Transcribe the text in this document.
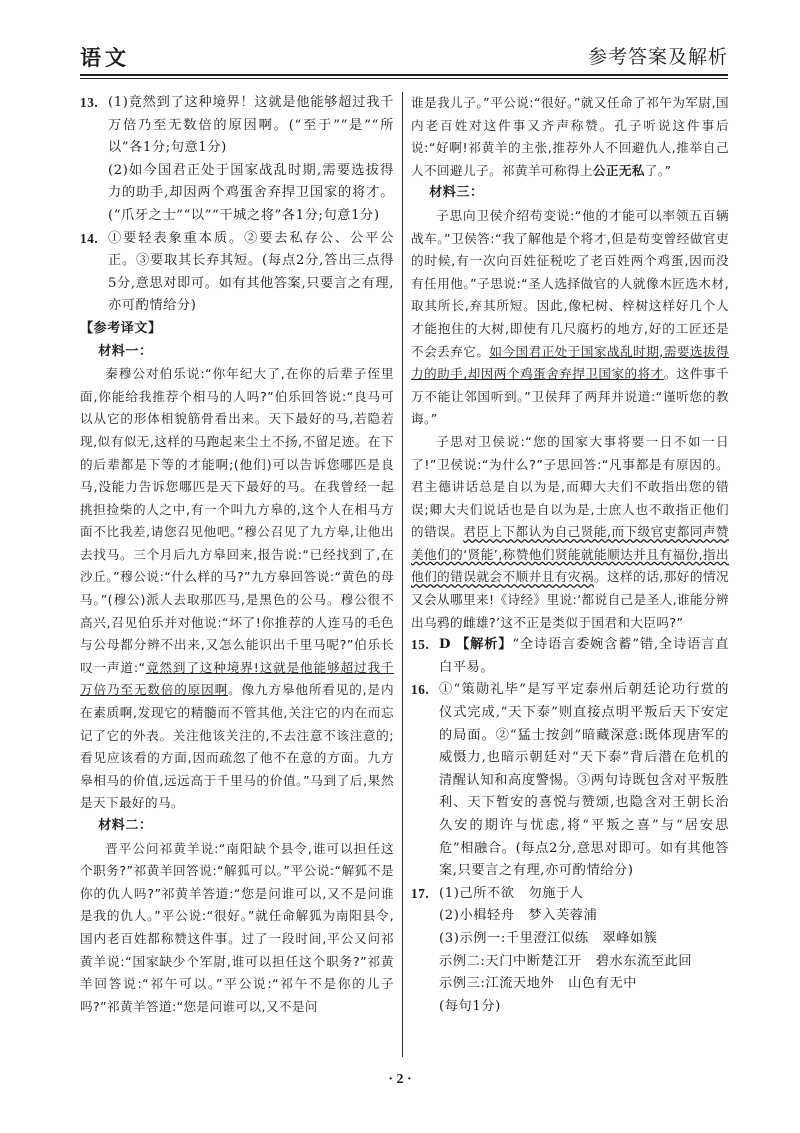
语文	参考答案及解析
13. (1)竟然到了这种境界！这就是他能够超过我千万倍乃至无数倍的原因啊。(“至于”“是”“所以”各1分;句意1分)

(2)如今国君正处于国家战乱时期,需要选拔得力的助手,却因两个鸡蛋舍弃捍卫国家的将才。(“爪牙之士”“以”“干城之将”各1分;句意1分)

14. ①要轻表象重本质。②要去私存公、公平公正。③要取其长弃其短。(每点2分,答出三点得5分,意思对即可。如有其他答案,只要言之有理,亦可酌情给分)

【参考译文】

材料一：

秦穆公对伯乐说:“你年纪大了,在你的后辈子侄里面,你能给我推荐个相马的人吗?”伯乐回答说:“良马可以从它的形体相貌筋骨看出来。天下最好的马,若隐若现,似有似无,这样的马跑起来尘土不扬,不留足迹。在下的后辈都是下等的才能啊;(他们)可以告诉您哪匹是良马,没能力告诉您哪匹是天下最好的马。在我曾经一起挑担捡柴的人之中,有一个叫九方皋的,这个人在相马方面不比我差,请您召见他吧。”穆公召见了九方皋,让他出去找马。三个月后九方皋回来,报告说:“已经找到了,在沙丘。”穆公说:“什么样的马?”九方皋回答说:“黄色的母马。”(穆公)派人去取那匹马,是黑色的公马。穆公很不高兴,召见伯乐并对他说:“坏了!你推荐的人连马的毛色与公母都分辨不出来,又怎么能识出千里马呢?”伯乐长叹一声道:“竟然到了这种境界!这就是他能够超过我千万倍乃至无数倍的原因啊。像九方皋他所看见的,是内在素质啊,发现它的精髓而不管其他,关注它的内在而忘记了它的外表。关注他该关注的,不去注意不该注意的;看见应该看的方面,因而疏忽了他不在意的方面。九方皋相马的价值,远远高于千里马的价值。”马到了后,果然是天下最好的马。

材料二：

晋平公问祁黄羊说:“南阳缺个县令,谁可以担任这个职务?”祁黄羊回答说:“解狐可以。”平公说:“解狐不是你的仇人吗?”祁黄羊答道:“您是问谁可以,又不是问谁是我的仇人。”平公说:“很好。”就任命解狐为南阳县令,国内老百姓都称赞这件事。过了一段时间,平公又问祁黄羊说:“国家缺少个军尉,谁可以担任这个职务?”祁黄羊回答说:“祁午可以。”平公说:“祁午不是你的儿子吗?”祁黄羊答道:“您是问谁可以,又不是问

谁是我儿子。”平公说:“很好。”就又任命了祁午为军尉,国内老百姓对这件事又齐声称赞。孔子听说这件事后说:“好啊!祁黄羊的主张,推荐外人不回避仇人,推举自己人不回避儿子。祁黄羊可称得上公正无私了。”

材料三：

子思向卫侯介绍苟变说:“他的才能可以率领五百辆战车。”卫侯答:“我了解他是个将才,但是苟变曾经做官吏的时候,有一次向百姓征税吃了老百姓两个鸡蛋,因而没有任用他。”子思说:“圣人选择做官的人就像木匠选木材,取其所长,弃其所短。因此,像杞树、梓树这样好几个人才能抱住的大树,即使有几尺腐朽的地方,好的工匠还是不会丢弃它。如今国君正处于国家战乱时期,需要选拔得力的助手,却因两个鸡蛋舍弃捍卫国家的将才。这件事千万不能让邻国听到。”卫侯拜了两拜并说道:“谨听您的教诲。”

子思对卫侯说:“您的国家大事将要一日不如一日了!”卫侯说:“为什么?”子思回答:“凡事都是有原因的。君主德讲话总是自以为是,而卿大夫们不敢指出您的错误;卿大夫们说话也是自以为是,士庶人也不敢指正他们的错误。君臣上下都认为自己贤能,而下级官吏都同声赞美他们的‘贤能’,称赞他们贤能就能顺达并且有福份,指出他们的错误就会不顺并且有灾祸。这样的话,那好的情况又会从哪里来!《诗经》里说:‘都说自己是圣人,谁能分辨出乌鸦的雌雄?’这不正是类似于国君和大臣吗?”

15. D 【解析】“全诗语言委婉含蓄”错,全诗语言直白平易。

16. ①“策勋礼毕”是写平定泰州后朝廷论功行赏的仪式完成,“天下泰”则直接点明平叛后天下安定的局面。②“猛士按剑”暗藏深意:既体现唐军的威慑力,也暗示朝廷对“天下泰”背后潜在危机的清醒认知和高度警惕。③两句诗既包含对平叛胜利、天下暂安的喜悦与赞颂,也隐含对王朝长治久安的期许与忧虑,将“平叛之喜”与“居安思危”相融合。(每点2分,意思对即可。如有其他答案,只要言之有理,亦可酌情给分)

17. (1)己所不欲　勿施于人

(2)小楫轻舟　梦入芙蓉浦

(3)示例一:千里澄江似练　翠峰如簇

示例二:天门中断楚江开　碧水东流至此回

示例三:江流天地外　山色有无中

(每句1分)

· 2 ·
